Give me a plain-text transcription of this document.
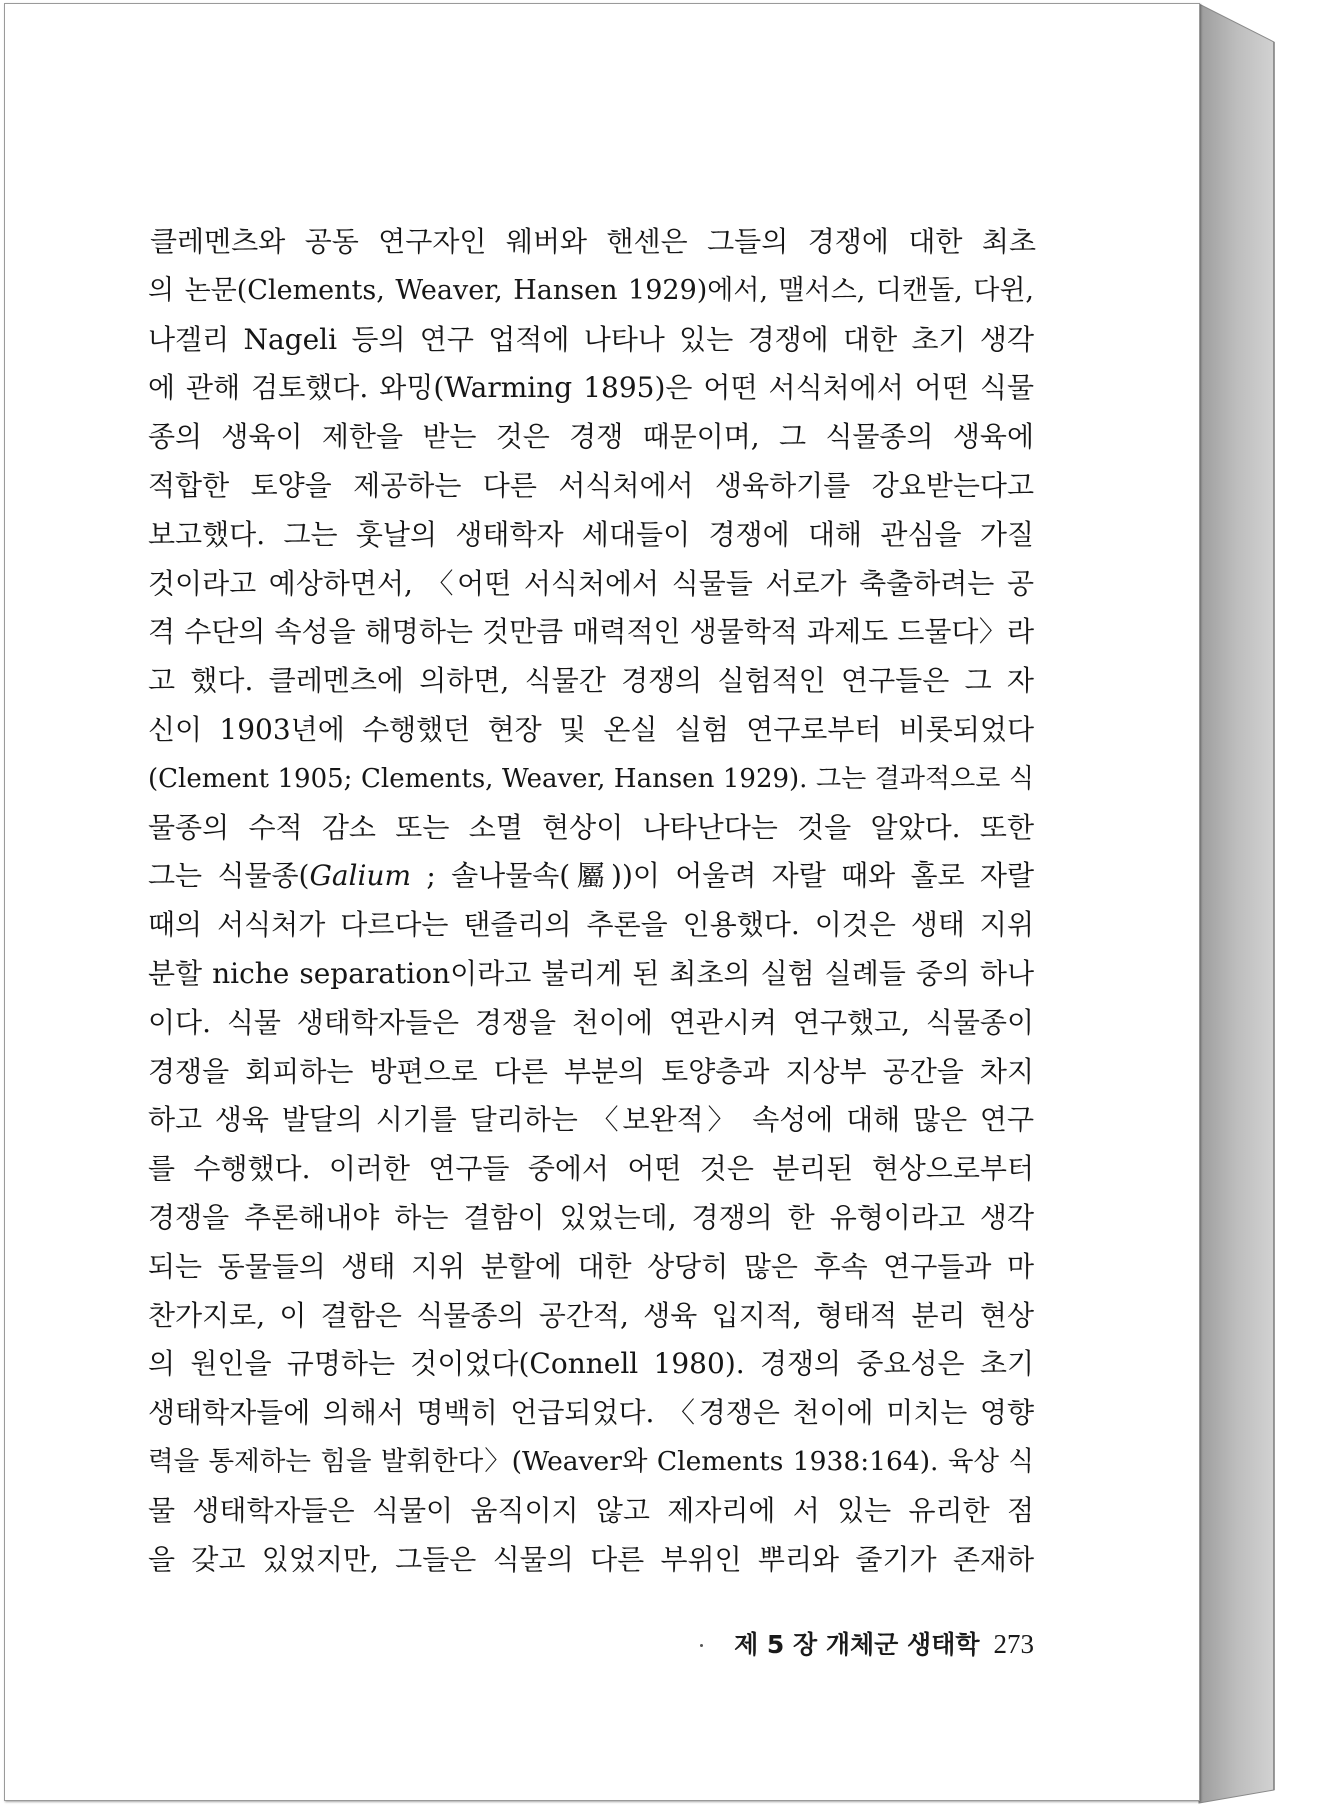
클레멘츠와 공동 연구자인 웨버와 핸센은 그들의 경쟁에 대한 최초
의 논문(Clements, Weaver, Hansen 1929)에서, 맬서스, 디캔돌, 다윈,
나겔리 Nageli 등의 연구 업적에 나타나 있는 경쟁에 대한 초기 생각
에 관해 검토했다. 와밍(Warming 1895)은 어떤 서식처에서 어떤 식물
종의 생육이 제한을 받는 것은 경쟁 때문이며, 그 식물종의 생육에
적합한 토양을 제공하는 다른 서식처에서 생육하기를 강요받는다고
보고했다. 그는 훗날의 생태학자 세대들이 경쟁에 대해 관심을 가질
것이라고 예상하면서, 〈어떤 서식처에서 식물들 서로가 축출하려는 공
격 수단의 속성을 해명하는 것만큼 매력적인 생물학적 과제도 드물다〉라
고 했다. 클레멘츠에 의하면, 식물간 경쟁의 실험적인 연구들은 그 자
신이 1903년에 수행했던 현장 및 온실 실험 연구로부터 비롯되었다
(Clement 1905; Clements, Weaver, Hansen 1929). 그는 결과적으로 식
물종의 수적 감소 또는 소멸 현상이 나타난다는 것을 알았다. 또한
그는 식물종(Galium ; 솔나물속(屬))이 어울려 자랄 때와 홀로 자랄
때의 서식처가 다르다는 탠즐리의 추론을 인용했다. 이것은 생태 지위
분할 niche separation이라고 불리게 된 최초의 실험 실례들 중의 하나
이다. 식물 생태학자들은 경쟁을 천이에 연관시켜 연구했고, 식물종이
경쟁을 회피하는 방편으로 다른 부분의 토양층과 지상부 공간을 차지
하고 생육 발달의 시기를 달리하는 〈보완적〉 속성에 대해 많은 연구
를 수행했다. 이러한 연구들 중에서 어떤 것은 분리된 현상으로부터
경쟁을 추론해내야 하는 결함이 있었는데, 경쟁의 한 유형이라고 생각
되는 동물들의 생태 지위 분할에 대한 상당히 많은 후속 연구들과 마
찬가지로, 이 결함은 식물종의 공간적, 생육 입지적, 형태적 분리 현상
의 원인을 규명하는 것이었다(Connell 1980). 경쟁의 중요성은 초기
생태학자들에 의해서 명백히 언급되었다. 〈경쟁은 천이에 미치는 영향
력을 통제하는 힘을 발휘한다〉(Weaver와 Clements 1938:164). 육상 식
물 생태학자들은 식물이 움직이지 않고 제자리에 서 있는 유리한 점
을 갖고 있었지만, 그들은 식물의 다른 부위인 뿌리와 줄기가 존재하
제 5 장 개체군 생태학 273
